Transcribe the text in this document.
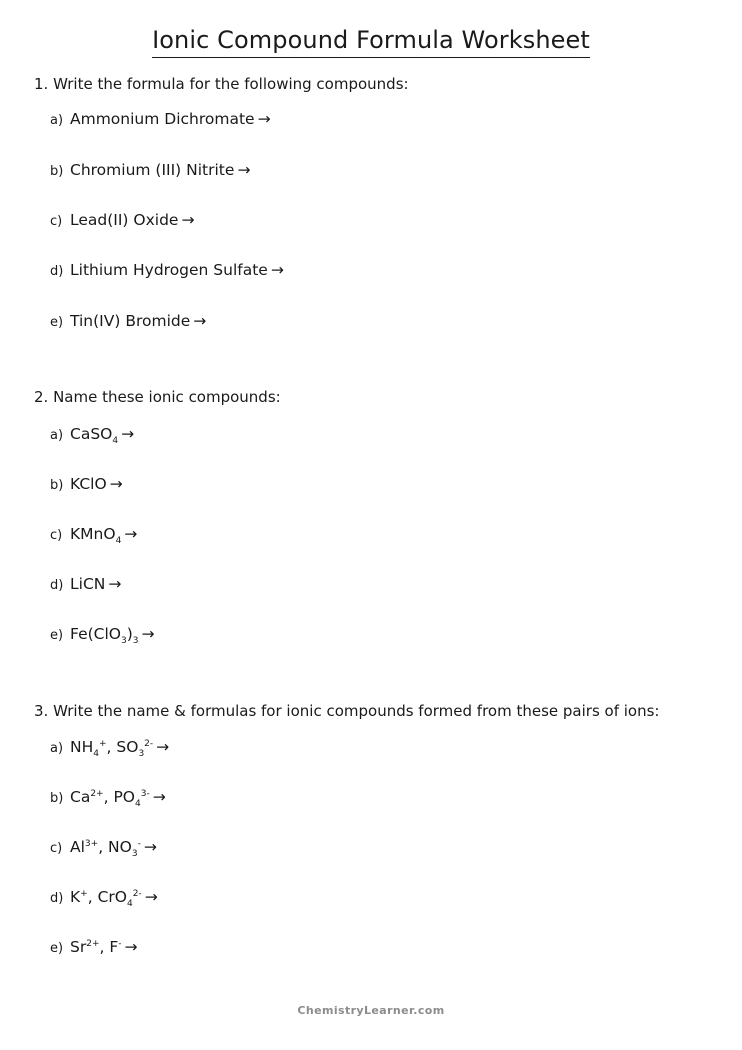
Ionic Compound Formula Worksheet
1. Write the formula for the following compounds:
a) Ammonium Dichromate →
b) Chromium (III) Nitrite →
c) Lead(II) Oxide →
d) Lithium Hydrogen Sulfate →
e) Tin(IV) Bromide →
2. Name these ionic compounds:
a) CaSO$_4$ →
b) KClO →
c) KMnO$_4$ →
d) LiCN →
e) $Fe(ClO_3)_3$ →
3. Write the name & formulas for ionic compounds formed from these pairs of ions:
a) $NH_4^+$, $SO_3^{2-}$ →
b) $Ca^{2+}$, $PO_4^{3-}$ →
c) $Al^{3+}$, $NO_3^-$ →
d) K+, CrO$_4^{2-}$ →
e) $Sr^{2+}$, F- →
ChemistryLearner.com
